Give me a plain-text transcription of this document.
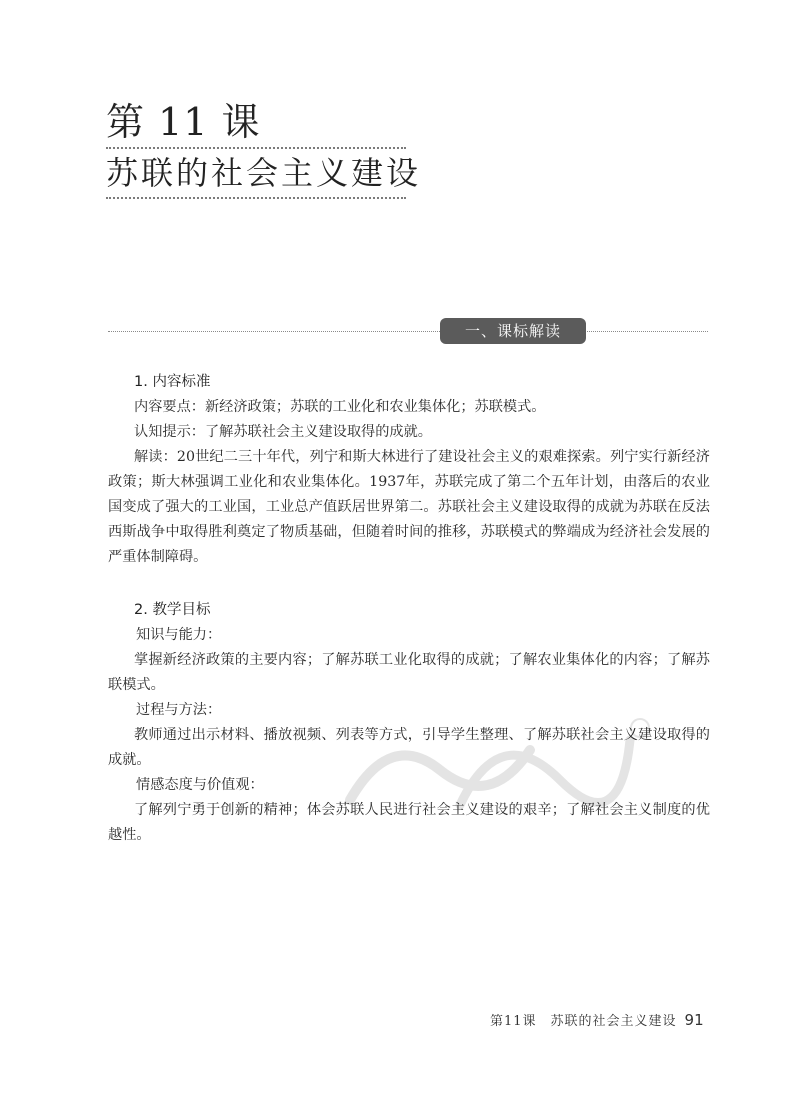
第 11 课
苏联的社会主义建设
一、课标解读
1. 内容标准

内容要点：新经济政策；苏联的工业化和农业集体化；苏联模式。

认知提示：了解苏联社会主义建设取得的成就。

解读：20世纪二三十年代，列宁和斯大林进行了建设社会主义的艰难探索。列宁实行新经济政策；斯大林强调工业化和农业集体化。1937年，苏联完成了第二个五年计划，由落后的农业国变成了强大的工业国，工业总产值跃居世界第二。苏联社会主义建设取得的成就为苏联在反法西斯战争中取得胜利奠定了物质基础，但随着时间的推移，苏联模式的弊端成为经济社会发展的严重体制障碍。

2. 教学目标

知识与能力：

掌握新经济政策的主要内容；了解苏联工业化取得的成就；了解农业集体化的内容；了解苏联模式。

过程与方法：

教师通过出示材料、播放视频、列表等方式，引导学生整理、了解苏联社会主义建设取得的成就。

情感态度与价值观：

了解列宁勇于创新的精神；体会苏联人民进行社会主义建设的艰辛；了解社会主义制度的优越性。

第11课　苏联的社会主义建设 91
